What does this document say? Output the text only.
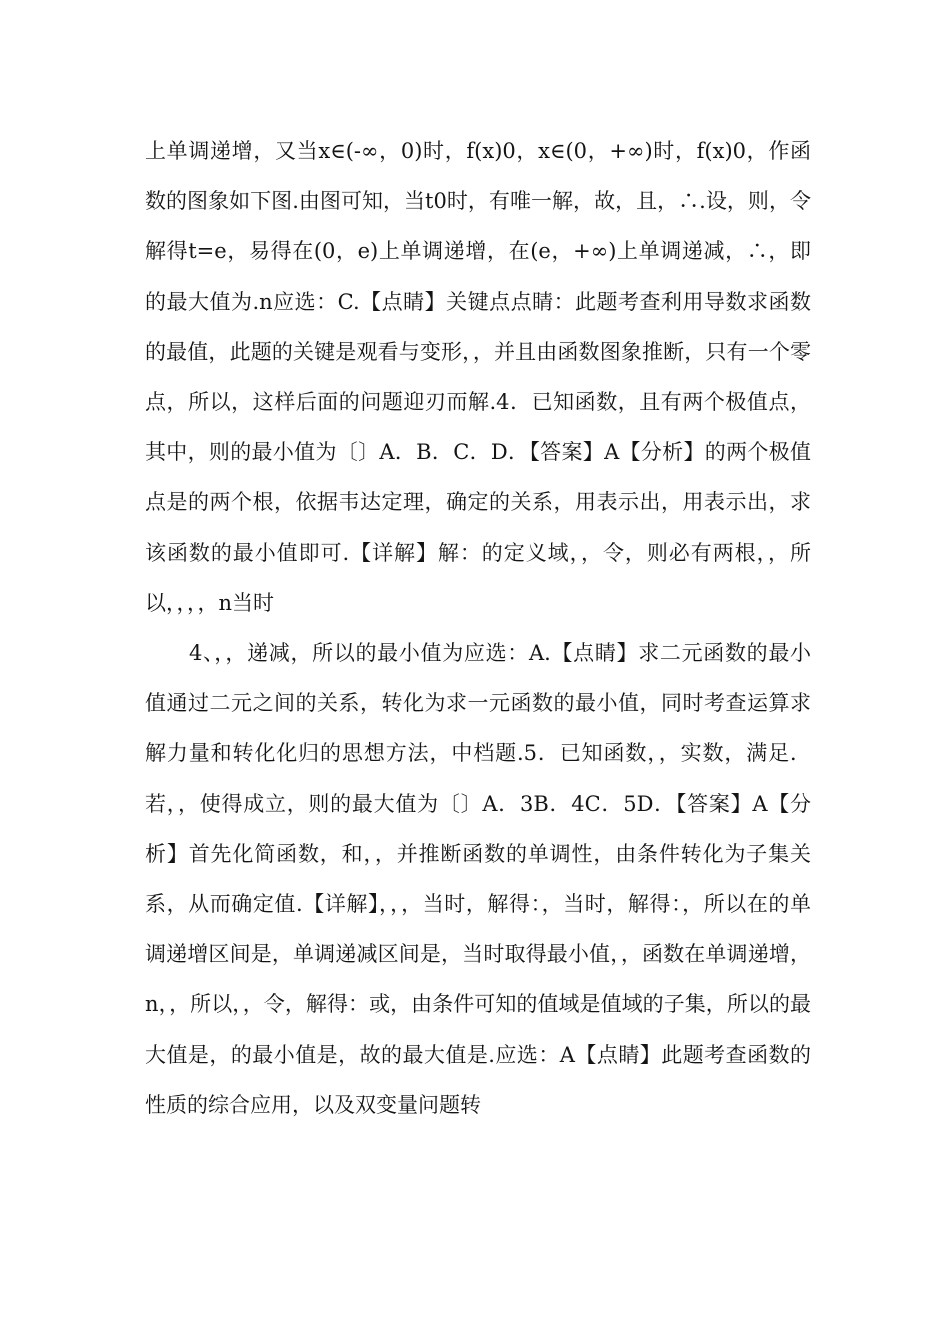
上单调递增，又当x∈(-∞，0)时，f(x)0，x∈(0，+∞)时，f(x)0，作函数的图象如下图.由图可知，当t0时，有唯一解，故，且，∴.设，则，令解得t=e，易得在(0，e)上单调递增，在(e，+∞)上单调递减，∴，即的最大值为.n应选：C.【点睛】关键点点睛：此题考查利用导数求函数的最值，此题的关键是观看与变形，，并且由函数图象推断，只有一个零点，所以，这样后面的问题迎刃而解.4．已知函数，且有两个极值点，其中，则的最小值为〔〕A．B．C．D．【答案】A【分析】的两个极值点是的两个根，依据韦达定理，确定的关系，用表示出，用表示出，求该函数的最小值即可.【详解】解：的定义域，，令，则必有两根，，所以，，，，n当时

4、，，递减，所以的最小值为应选：A.【点睛】求二元函数的最小值通过二元之间的关系，转化为求一元函数的最小值，同时考查运算求解力量和转化化归的思想方法，中档题.5．已知函数，，实数，满足．若，，使得成立，则的最大值为〔〕A．3B．4C．5D．【答案】A【分析】首先化简函数，和，，并推断函数的单调性，由条件转化为子集关系，从而确定值.【详解】，，，当时，解得：，当时，解得：，所以在的单调递增区间是，单调递减区间是，当时取得最小值，，函数在单调递增，n，，所以，，令，解得：或，由条件可知的值域是值域的子集，所以的最大值是，的最小值是，故的最大值是.应选：A【点睛】此题考查函数的性质的综合应用，以及双变量问题转
